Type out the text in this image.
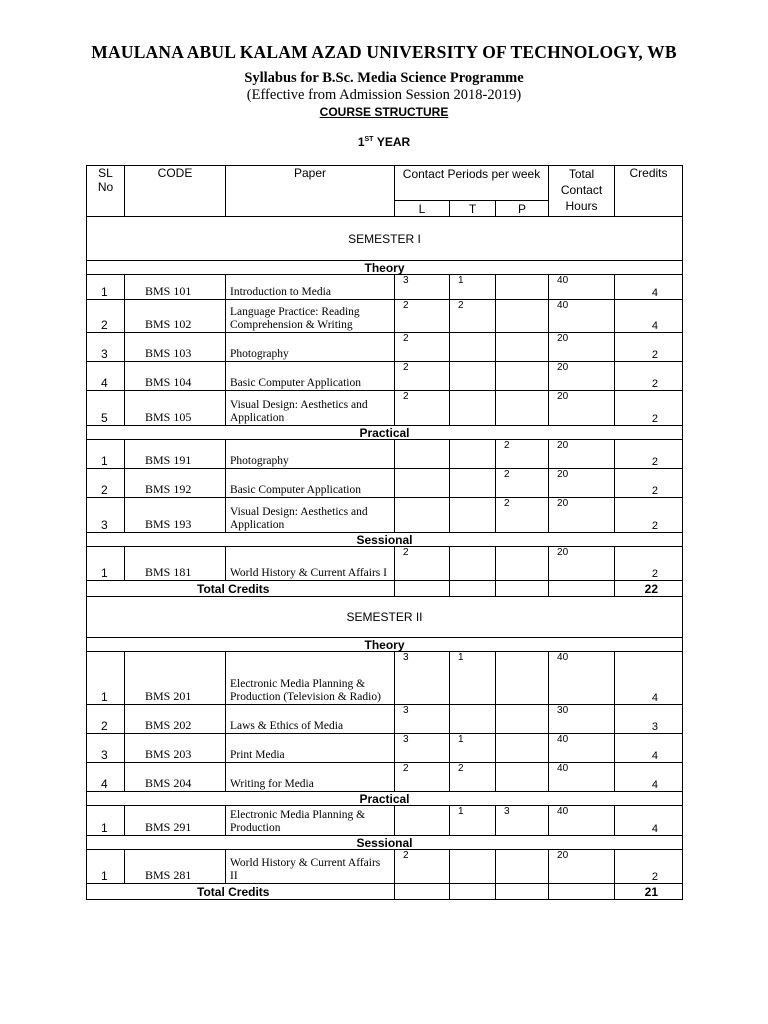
MAULANA ABUL KALAM AZAD UNIVERSITY OF TECHNOLOGY, WB
Syllabus for B.Sc. Media Science Programme
(Effective from Admission Session 2018-2019)
COURSE STRUCTURE
1ST YEAR
SL No	CODE	Paper	Contact Periods per week			Total Contact Hours	Credits
			L	T	P		
SEMESTER I							
Theory							
1	BMS 101	Introduction to Media	3	1		40	4
2	BMS 102	Language Practice: Reading Comprehension & Writing	2	2		40	4
3	BMS 103	Photography	2			20	2
4	BMS 104	Basic Computer Application	2			20	2
5	BMS 105	Visual Design: Aesthetics and Application	2			20	2
Practical							
1	BMS 191	Photography			2	20	2
2	BMS 192	Basic Computer Application			2	20	2
3	BMS 193	Visual Design: Aesthetics and Application			2	20	2
Sessional							
1	BMS 181	World History & Current Affairs I	2			20	2
Total Credits							22
SEMESTER II							
Theory							
1	BMS 201	Electronic Media Planning & Production (Television & Radio)	3	1		40	4
2	BMS 202	Laws & Ethics of Media	3			30	3
3	BMS 203	Print Media	3	1		40	4
4	BMS 204	Writing for Media	2	2		40	4
Practical							
1	BMS 291	Electronic Media Planning & Production		1	3	40	4
Sessional							
1	BMS 281	World History & Current Affairs II	2			20	2
Total Credits							21
